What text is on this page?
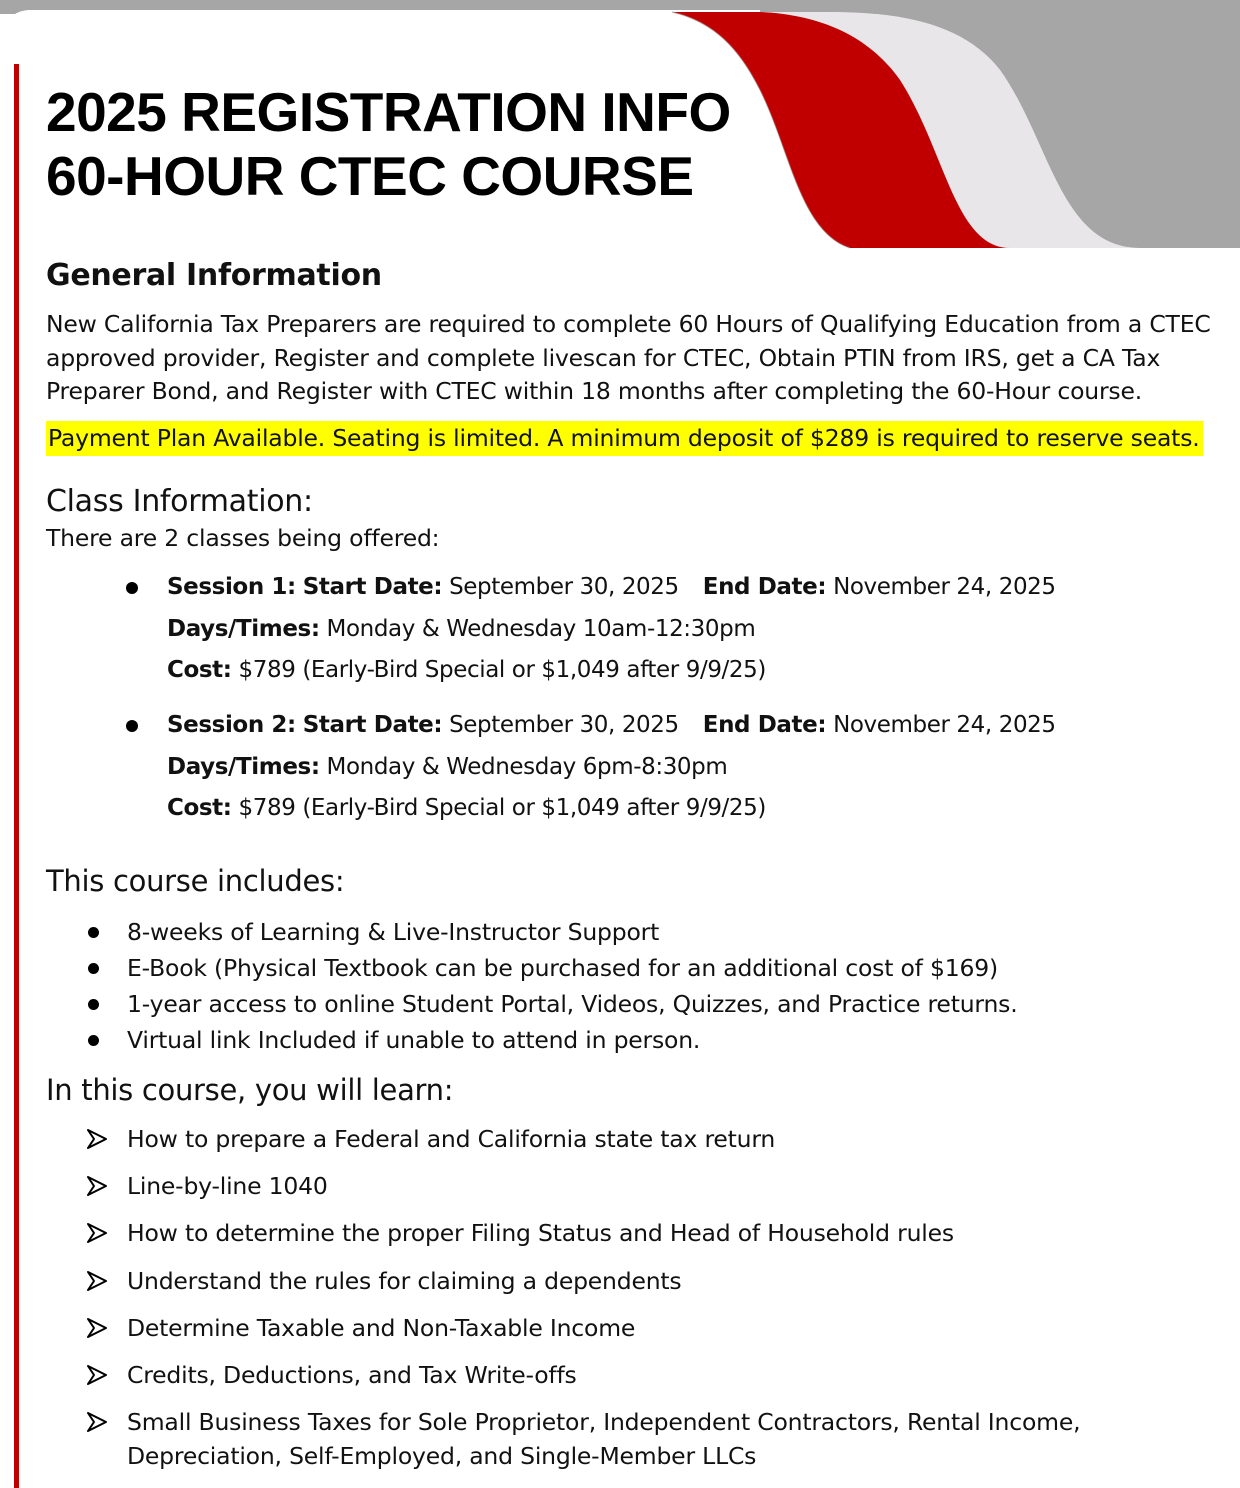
2025 REGISTRATION INFO
60-HOUR CTEC COURSE
General Information
New California Tax Preparers are required to complete 60 Hours of Qualifying Education from a CTEC approved provider, Register and complete livescan for CTEC, Obtain PTIN from IRS, get a CA Tax Preparer Bond, and Register with CTEC within 18 months after completing the 60-Hour course.
Payment Plan Available. Seating is limited. A minimum deposit of $289 is required to reserve seats.
Class Information:
There are 2 classes being offered:
Session 1: Start Date: September 30, 2025 End Date: November 24, 2025
Days/Times: Monday & Wednesday 10am-12:30pm
Cost: $789 (Early-Bird Special or $1,049 after 9/9/25)
Session 2: Start Date: September 30, 2025 End Date: November 24, 2025
Days/Times: Monday & Wednesday 6pm-8:30pm
Cost: $789 (Early-Bird Special or $1,049 after 9/9/25)
This course includes:
8-weeks of Learning & Live-Instructor Support
E-Book (Physical Textbook can be purchased for an additional cost of $169)
1-year access to online Student Portal, Videos, Quizzes, and Practice returns.
Virtual link Included if unable to attend in person.
In this course, you will learn:
How to prepare a Federal and California state tax return
Line-by-line 1040
How to determine the proper Filing Status and Head of Household rules
Understand the rules for claiming a dependents
Determine Taxable and Non-Taxable Income
Credits, Deductions, and Tax Write-offs
Small Business Taxes for Sole Proprietor, Independent Contractors, Rental Income, Depreciation, Self-Employed, and Single-Member LLCs
